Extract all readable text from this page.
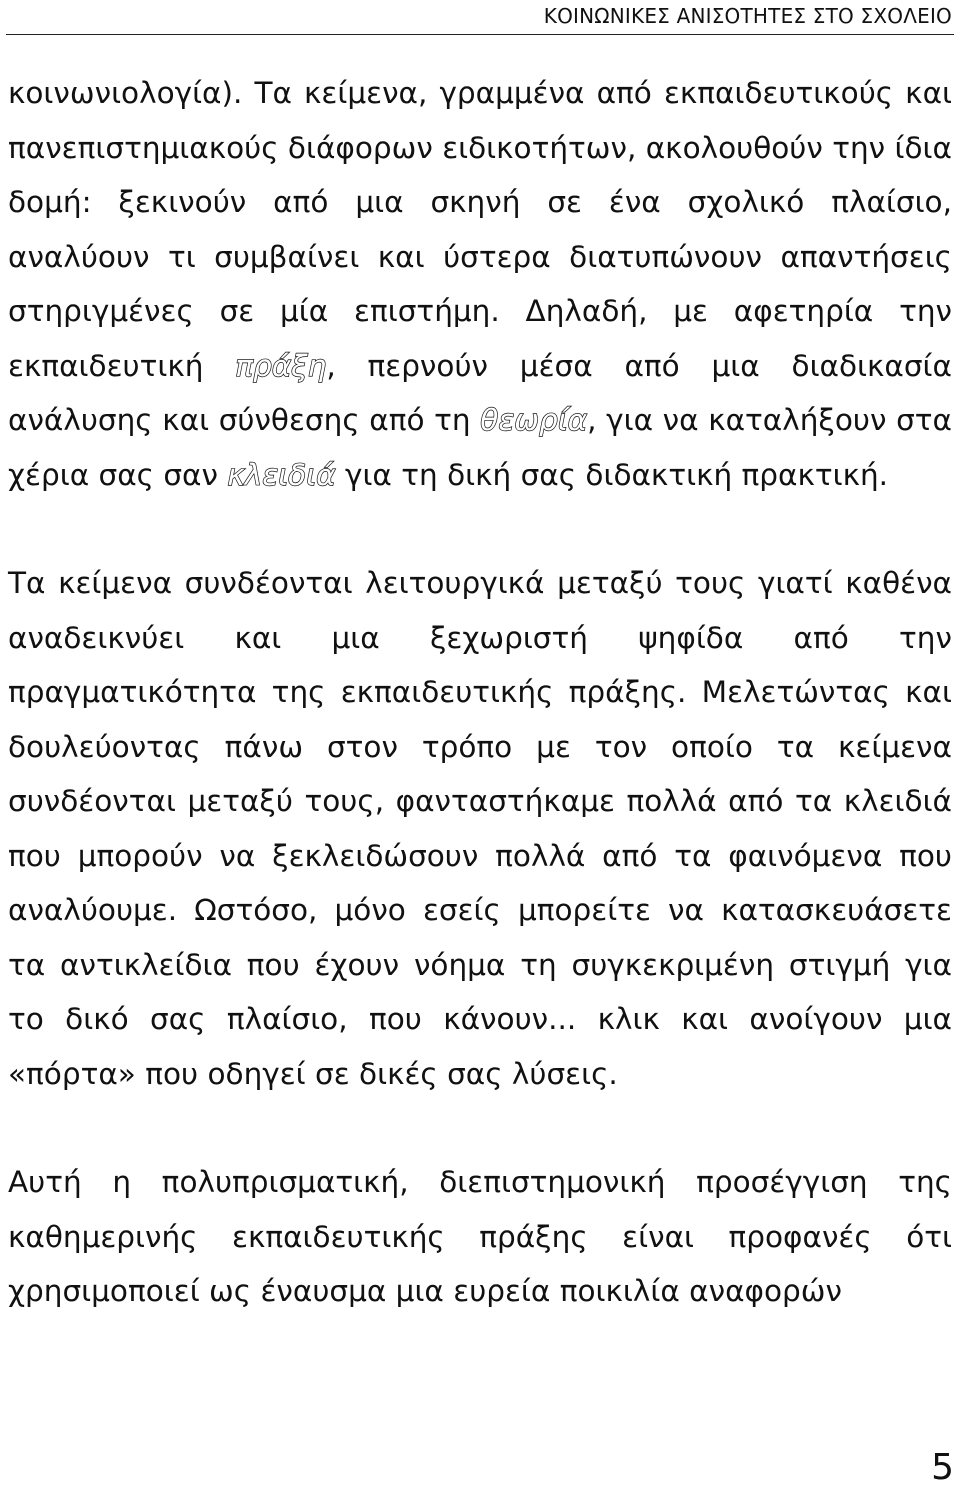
ΚΟΙΝΩΝΙΚΕΣ ΑΝΙΣΟΤΗΤΕΣ ΣΤΟ ΣΧΟΛΕΙΟ

κοινωνιολογία). Τα κείμενα, γραμμένα από εκπαιδευτικούς και πανεπιστημιακούς διάφορων ειδικοτήτων, ακολουθούν την ίδια δομή: ξεκινούν από μια σκηνή σε ένα σχολικό πλαίσιο, αναλύουν τι συμβαίνει και ύστερα διατυπώνουν απαντήσεις στηριγμένες σε μία επιστήμη. Δηλαδή, με αφετηρία την εκπαιδευτική πράξη, περνούν μέσα από μια διαδικασία ανάλυσης και σύνθεσης από τη θεωρία, για να καταλήξουν στα χέρια σας σαν κλειδιά για τη δική σας διδακτική πρακτική.

Τα κείμενα συνδέονται λειτουργικά μεταξύ τους γιατί καθένα αναδεικνύει και μια ξεχωριστή ψηφίδα από την πραγματικότητα της εκπαιδευτικής πράξης. Μελετώντας και δουλεύοντας πάνω στον τρόπο με τον οποίο τα κείμενα συνδέονται μεταξύ τους, φανταστήκαμε πολλά από τα κλειδιά που μπορούν να ξεκλειδώσουν πολλά από τα φαινόμενα που αναλύουμε. Ωστόσο, μόνο εσείς μπορείτε να κατασκευάσετε τα αντικλείδια που έχουν νόημα τη συγκεκριμένη στιγμή για το δικό σας πλαίσιο, που κάνουν... κλικ και ανοίγουν μια «πόρτα» που οδηγεί σε δικές σας λύσεις.

Αυτή η πολυπρισματική, διεπιστημονική προσέγγιση της καθημερινής εκπαιδευτικής πράξης είναι προφανές ότι χρησιμοποιεί ως έναυσμα μια ευρεία ποικιλία αναφορών

5
